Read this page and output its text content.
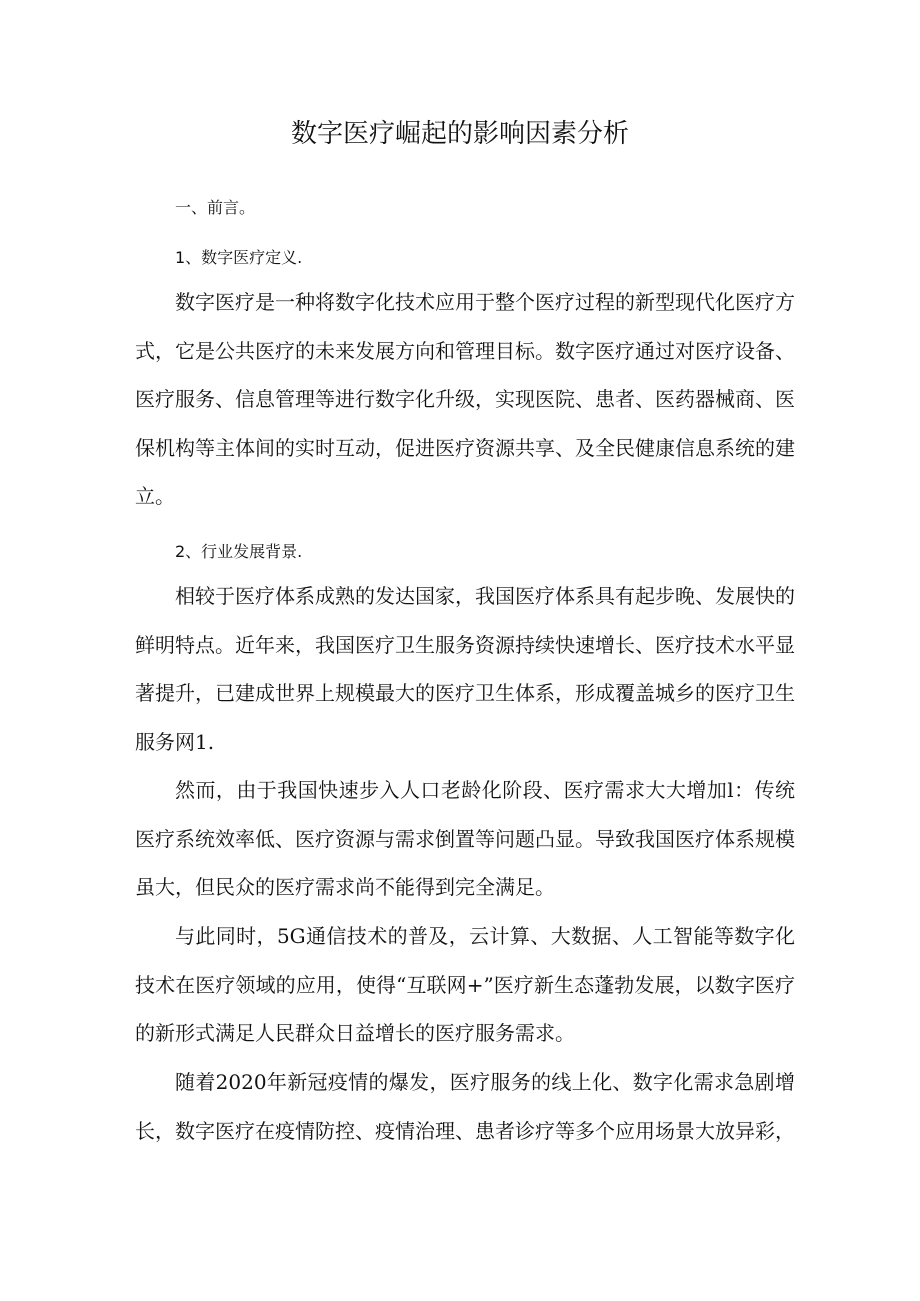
数字医疗崛起的影响因素分析
一、前言。
1、数字医疗定义.

数字医疗是一种将数字化技术应用于整个医疗过程的新型现代化医疗方式，它是公共医疗的未来发展方向和管理目标。数字医疗通过对医疗设备、医疗服务、信息管理等进行数字化升级，实现医院、患者、医药器械商、医保机构等主体间的实时互动，促进医疗资源共享、及全民健康信息系统的建立。

2、行业发展背景.

相较于医疗体系成熟的发达国家，我国医疗体系具有起步晚、发展快的鲜明特点。近年来，我国医疗卫生服务资源持续快速增长、医疗技术水平显著提升，已建成世界上规模最大的医疗卫生体系，形成覆盖城乡的医疗卫生服务网1.

然而，由于我国快速步入人口老龄化阶段、医疗需求大大增加l：传统医疗系统效率低、医疗资源与需求倒置等问题凸显。导致我国医疗体系规模虽大，但民众的医疗需求尚不能得到完全满足。

与此同时，5G通信技术的普及，云计算、大数据、人工智能等数字化技术在医疗领域的应用，使得“互联网+”医疗新生态蓬勃发展，以数字医疗的新形式满足人民群众日益增长的医疗服务需求。

随着2020年新冠疫情的爆发，医疗服务的线上化、数字化需求急剧增长，数字医疗在疫情防控、疫情治理、患者诊疗等多个应用场景大放异彩，
